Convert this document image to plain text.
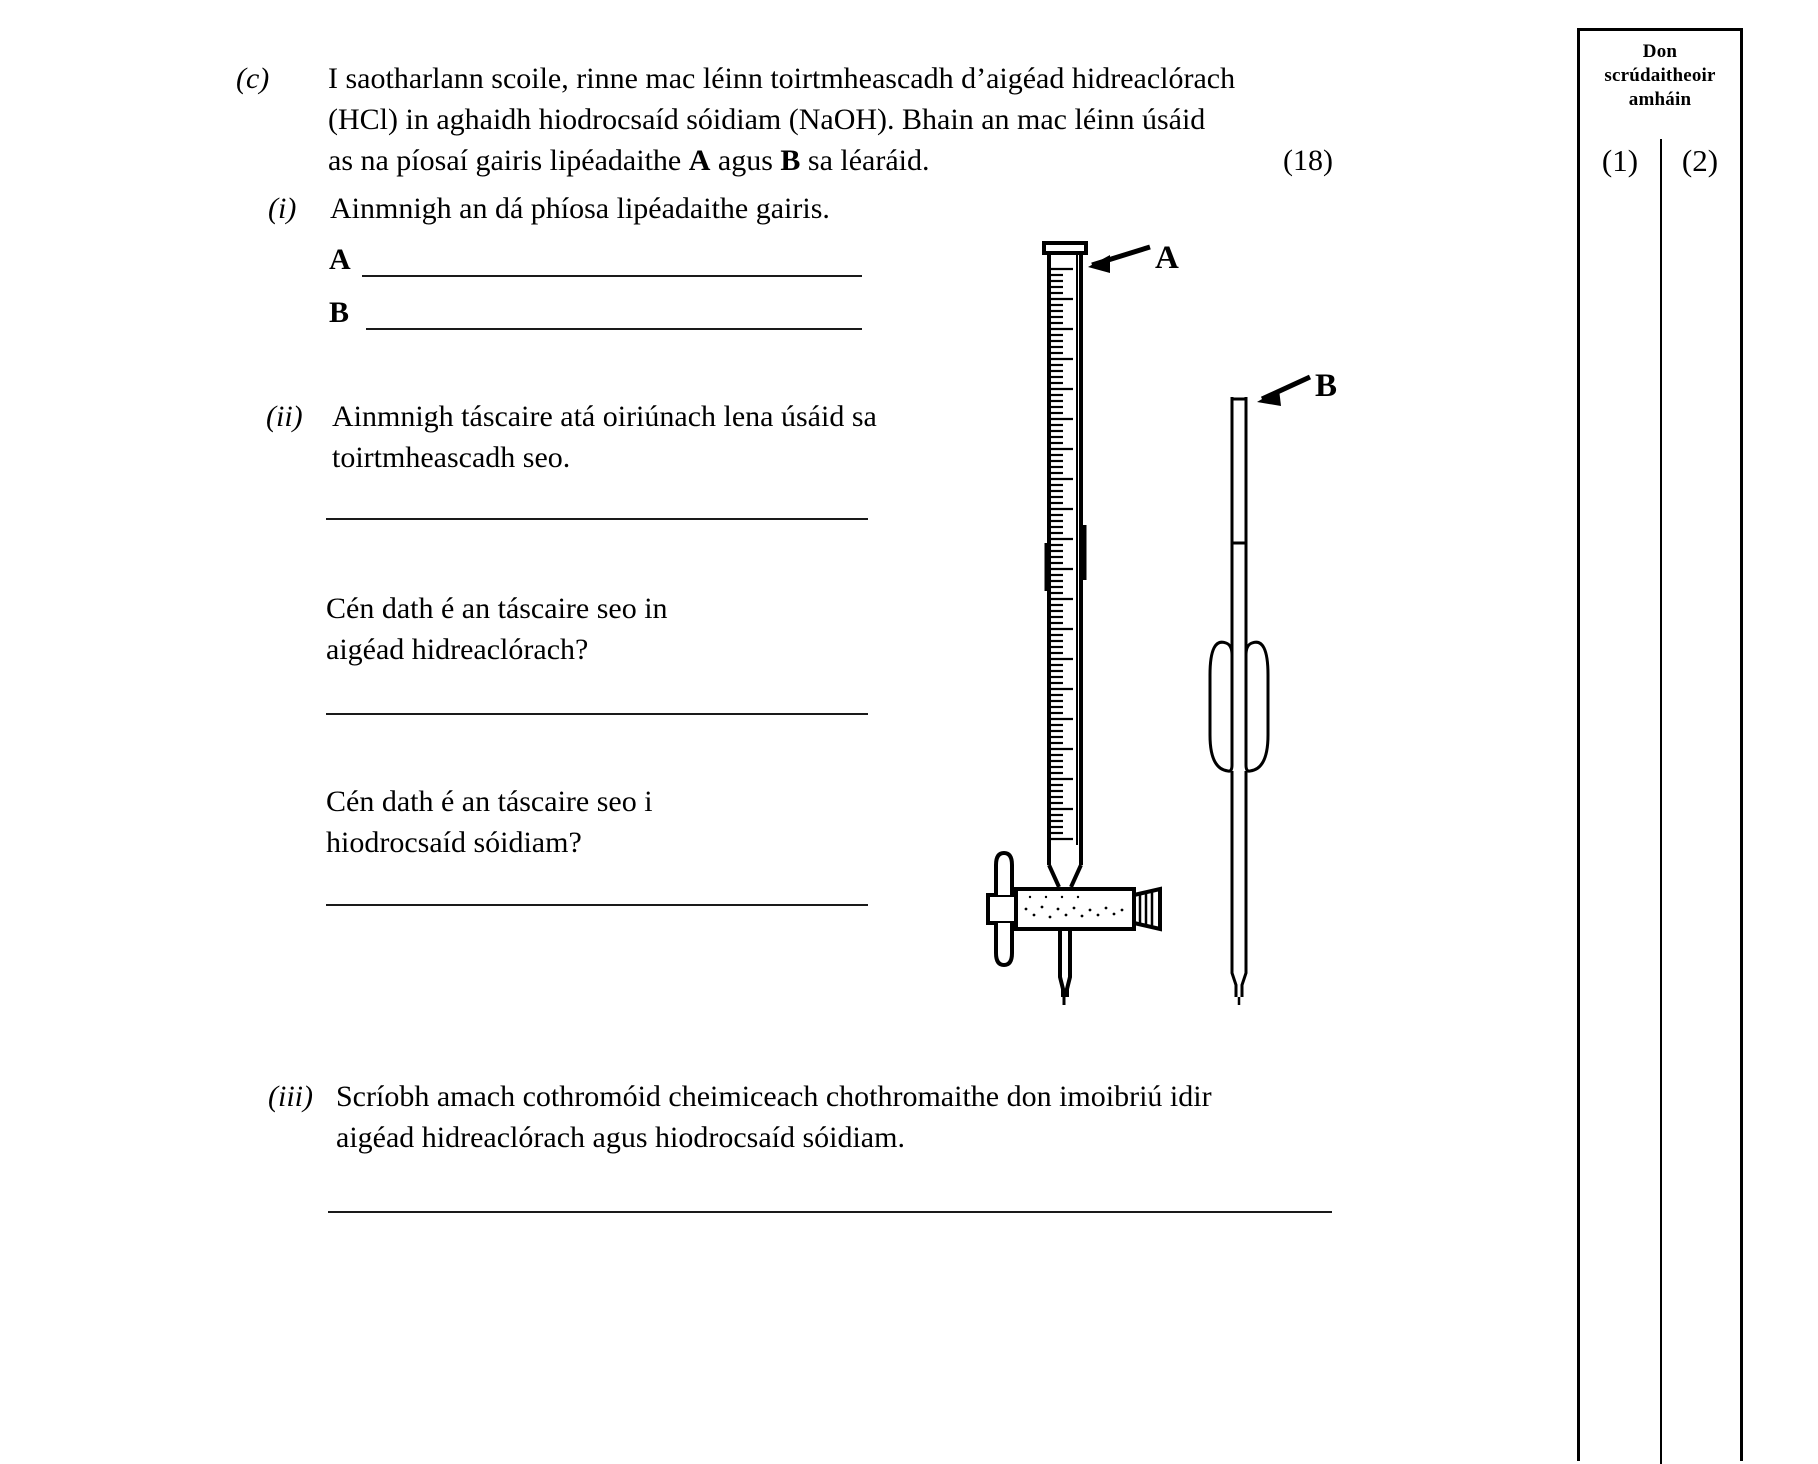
(c)	I saotharlann scoile, rinne mac léinn toirtmheascadh d’aigéad hidreaclórach
(HCl) in aghaidh hiodrocsaíd sóidiam (NaOH). Bhain an mac léinn úsáid
as na píosaí gairis lipéadaithe A agus B sa léaráid.	(18)
(i)	Ainmnigh an dá phíosa lipéadaithe gairis.
A
B
(ii) Ainmnigh táscaire atá oiriúnach lena úsáid sa
toirtmheascadh seo.
Cén dath é an táscaire seo in
aigéad hidreaclórach?
Cén dath é an táscaire seo i
hiodrocsaíd sóidiam?
(iii) Scríobh amach cothromóid cheimiceach chothromaithe don imoibriú idir
aigéad hidreaclórach agus hiodrocsaíd sóidiam.
A
B
Don
scrúdaitheoir
amháin
(1)	(2)
